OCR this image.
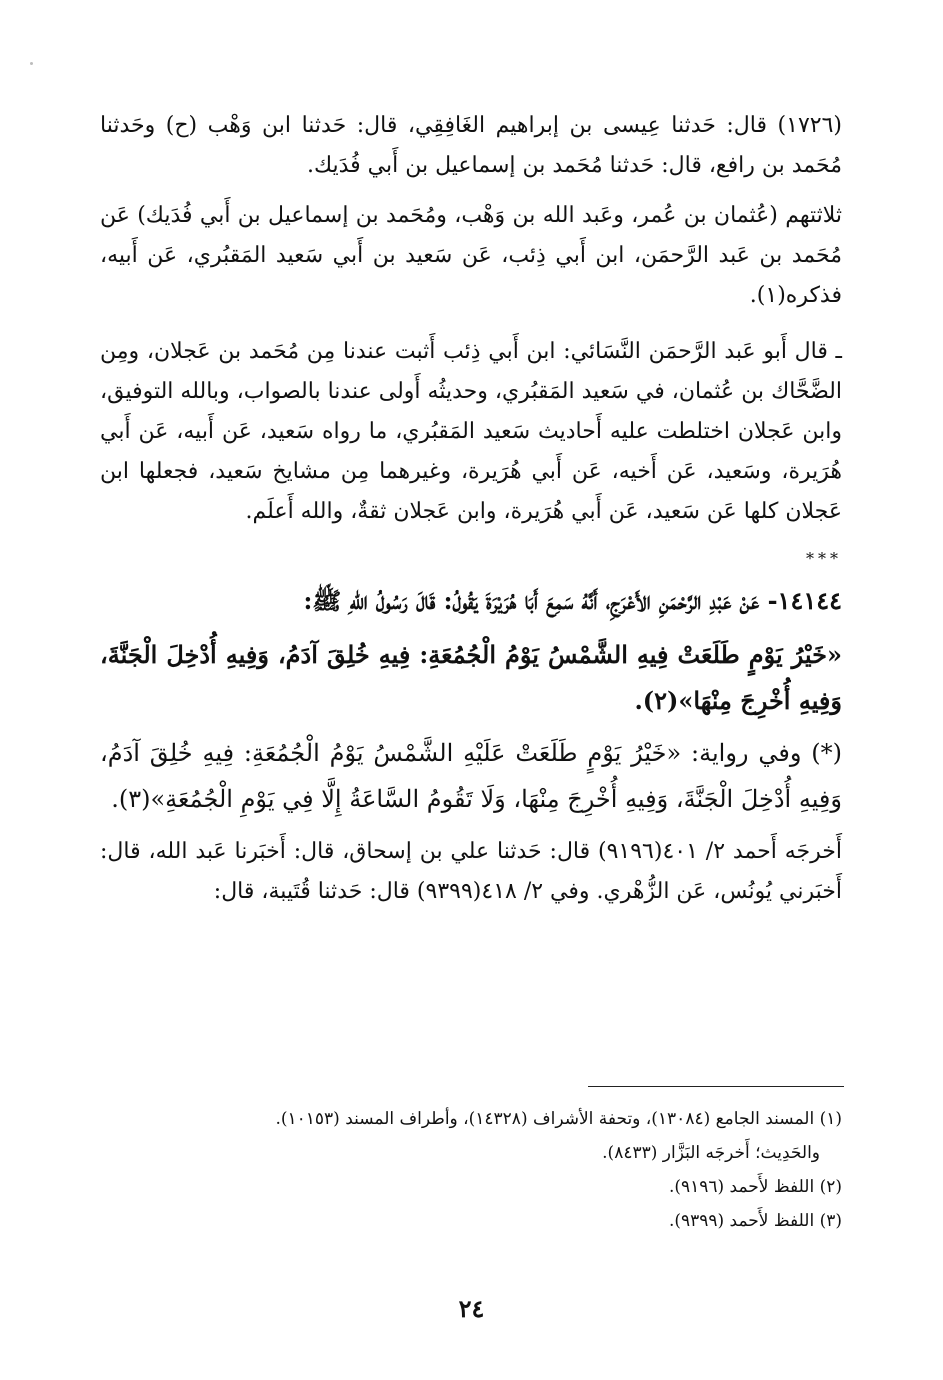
(١٧٢٦) قال: حَدثنا عِيسى بن إبراهيم الغَافِقِي، قال: حَدثنا ابن وَهْب (ح) وحَدثنا مُحَمد بن رافع، قال: حَدثنا مُحَمد بن إسماعيل بن أَبي فُدَيك.

ثلاثتهم (عُثمان بن عُمر، وعَبد الله بن وَهْب، ومُحَمد بن إسماعيل بن أَبي فُدَيك) عَن مُحَمد بن عَبد الرَّحمَن، ابن أَبي ذِئب، عَن سَعيد بن أَبي سَعيد المَقبُري، عَن أَبيه، فذكره(١).

ـ قال أَبو عَبد الرَّحمَن النَّسَائي: ابن أَبي ذِئب أَثبت عندنا مِن مُحَمد بن عَجلان، ومِن الضَّحَّاك بن عُثمان، في سَعيد المَقبُري، وحديثُه أَولى عندنا بالصواب، وبالله التوفيق، وابن عَجلان اختلطت عليه أَحاديث سَعيد المَقبُري، ما رواه سَعيد، عَن أَبيه، عَن أَبي هُرَيرة، وسَعيد، عَن أَخيه، عَن أَبي هُرَيرة، وغيرهما مِن مشايخ سَعيد، فجعلها ابن عَجلان كلها عَن سَعيد، عَن أَبي هُرَيرة، وابن عَجلان ثقةٌ، والله أَعلَم.

***

١٤١٤٤- عَنْ عَبْدِ الرَّحْمَنِ الأَعْرَجِ، أَنَّهُ سَمِعَ أَبَا هُرَيْرَةَ يَقُولُ: قَالَ رَسُولُ اللهِ ﷺ:

«خَيْرُ يَوْمٍ طَلَعَتْ فِيهِ الشَّمْسُ يَوْمُ الْجُمُعَةِ: فِيهِ خُلِقَ آدَمُ، وَفِيهِ أُدْخِلَ الْجَنَّةَ، وَفِيهِ أُخْرِجَ مِنْهَا»(٢).

(*) وفي رواية: «خَيْرُ يَوْمٍ طَلَعَتْ عَلَيْهِ الشَّمْسُ يَوْمُ الْجُمُعَةِ: فِيهِ خُلِقَ آدَمُ، وَفِيهِ أُدْخِلَ الْجَنَّةَ، وَفِيهِ أُخْرِجَ مِنْهَا، وَلَا تَقُومُ السَّاعَةُ إِلَّا فِي يَوْمِ الْجُمُعَةِ»(٣).

أَخرجَه أَحمد ٢/ ٤٠١(٩١٩٦) قال: حَدثنا علي بن إسحاق، قال: أَخبَرنا عَبد الله، قال: أَخبَرني يُونُس، عَن الزُّهْري. وفي ٢/ ٤١٨(٩٣٩٩) قال: حَدثنا قُتَيبة، قال:

(١) المسند الجامع (١٣٠٨٤)، وتحفة الأشراف (١٤٣٢٨)، وأطراف المسند (١٠١٥٣).

والحَدِيث؛ أَخرجَه البَزَّار (٨٤٣٣).

(٢) اللفظ لأَحمد (٩١٩٦).

(٣) اللفظ لأَحمد (٩٣٩٩).

٢٤
